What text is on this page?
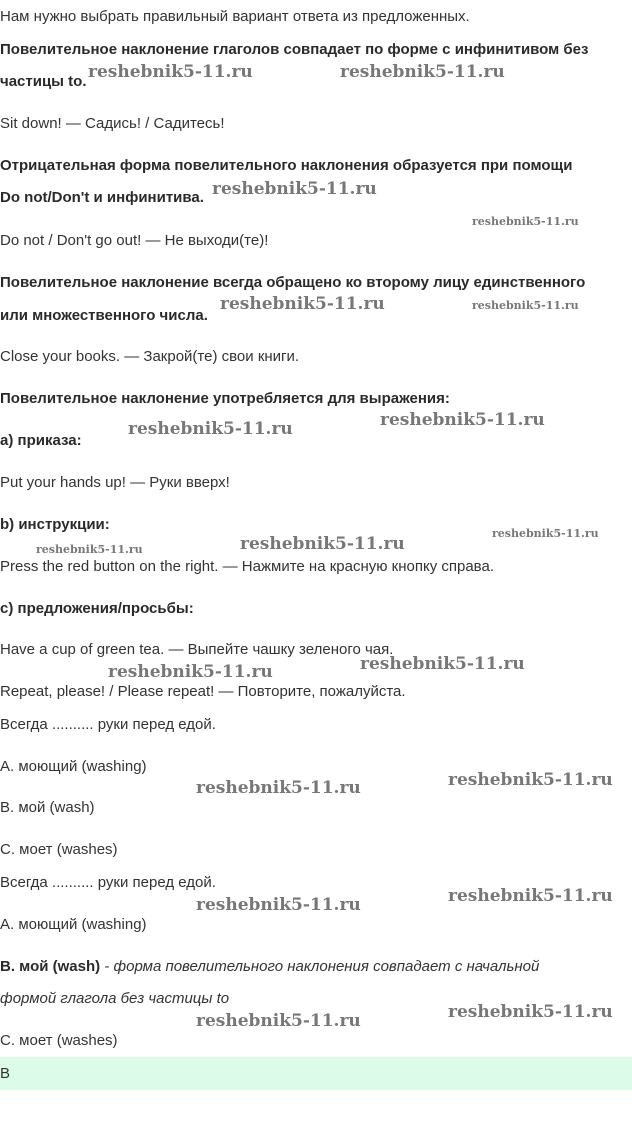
Нам нужно выбрать правильный вариант ответа из предложенных.
Повелительное наклонение глаголов совпадает по форме с инфинитивом без
частицы to.
Sit down! — Садись! / Садитесь!
Отрицательная форма повелительного наклонения образуется при помощи
Do not/Don't и инфинитива.
Do not / Don't go out! — Не выходи(те)!
Повелительное наклонение всегда обращено ко второму лицу единственного
или множественного числа.
Close your books. — Закрой(те) свои книги.
Повелительное наклонение употребляется для выражения:
a) приказа:
Put your hands up! — Руки вверх!
b) инструкции:
Press the red button on the right. — Нажмите на красную кнопку справа.
c) предложения/просьбы:
Have a cup of green tea. — Выпейте чашку зеленого чая.
Repeat, please! / Please repeat! — Повторите, пожалуйста.
Всегда .......... руки перед едой.
A. моющий (washing)
B. мой (wash)
C. моет (washes)
Всегда .......... руки перед едой.
A. моющий (washing)
B. мой (wash) - форма повелительного наклонения совпадает с начальной
формой глагола без частицы to
C. моет (washes)
B
reshebnik5-11.ru	reshebnik5-11.ru
reshebnik5-11.ru
reshebnik5-11.ru
reshebnik5-11.ru	reshebnik5-11.ru
reshebnik5-11.ru	reshebnik5-11.ru
reshebnik5-11.ru
reshebnik5-11.ru	reshebnik5-11.ru
reshebnik5-11.ru	reshebnik5-11.ru
reshebnik5-11.ru	reshebnik5-11.ru
reshebnik5-11.ru	reshebnik5-11.ru
reshebnik5-11.ru	reshebnik5-11.ru
